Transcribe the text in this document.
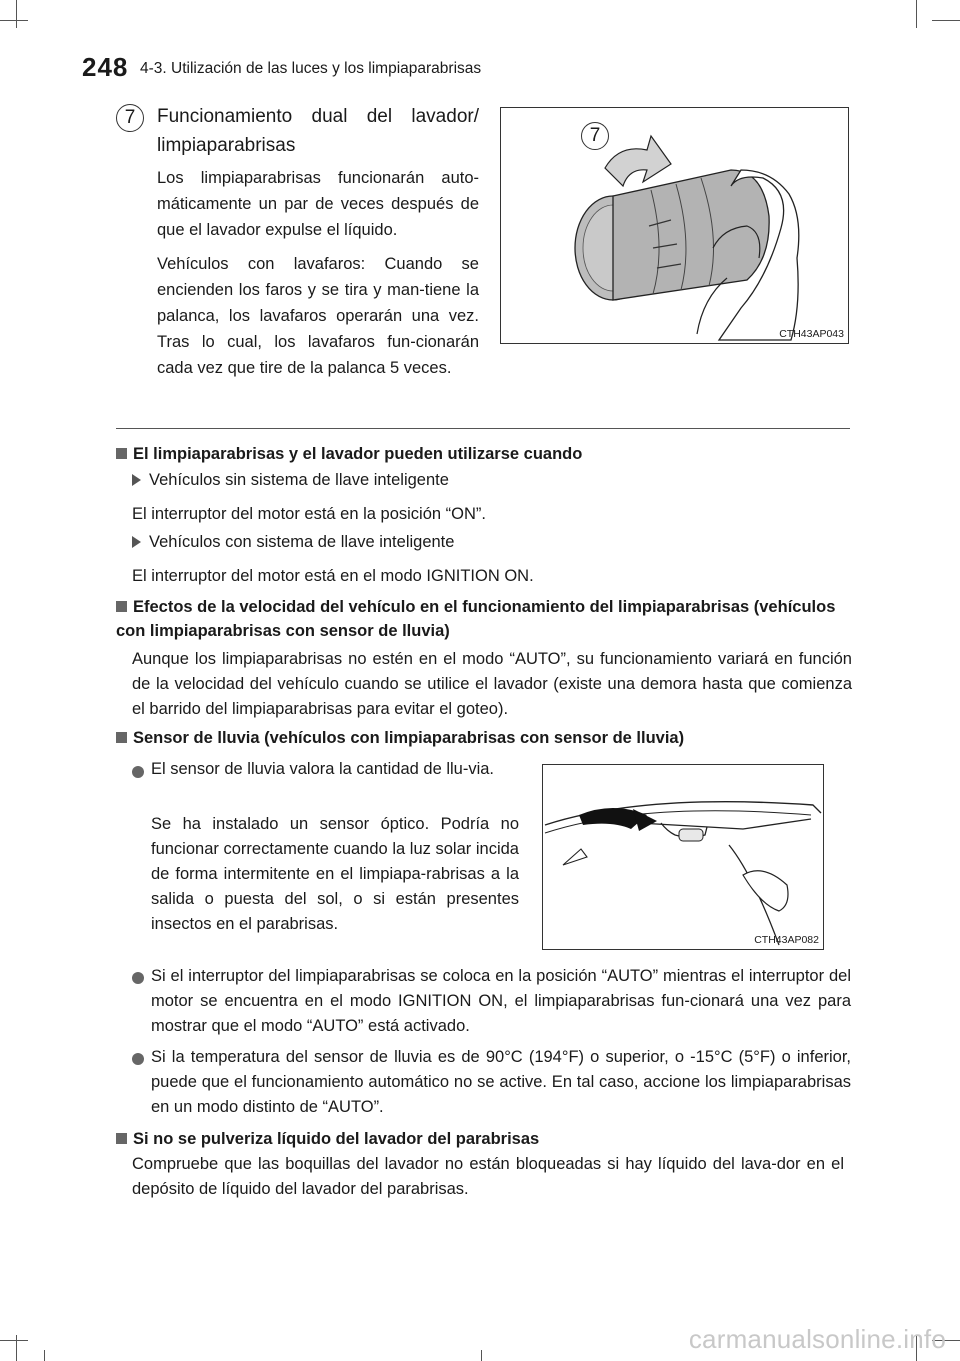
248 4-3. Utilización de las luces y los limpiaparabrisas
7	Funcionamiento dual del lavador/ limpiaparabrisas
Los limpiaparabrisas funcionarán auto-máticamente un par de veces después de que el lavador expulse el líquido.
Vehículos con lavafaros: Cuando se encienden los faros y se tira y man-tiene la palanca, los lavafaros operarán una vez. Tras lo cual, los lavafaros fun-cionarán cada vez que tire de la palanca 5 veces.
7
CTH43AP043
El limpiaparabrisas y el lavador pueden utilizarse cuando
Vehículos sin sistema de llave inteligente
El interruptor del motor está en la posición “ON”.
Vehículos con sistema de llave inteligente
El interruptor del motor está en el modo IGNITION ON.
Efectos de la velocidad del vehículo en el funcionamiento del limpiaparabrisas (vehículos con limpiaparabrisas con sensor de lluvia)
Aunque los limpiaparabrisas no estén en el modo “AUTO”, su funcionamiento variará en función de la velocidad del vehículo cuando se utilice el lavador (existe una demora hasta que comienza el barrido del limpiaparabrisas para evitar el goteo).
Sensor de lluvia (vehículos con limpiaparabrisas con sensor de lluvia)
El sensor de lluvia valora la cantidad de llu-via.
Se ha instalado un sensor óptico. Podría no funcionar correctamente cuando la luz solar incida de forma intermitente en el limpiapa-rabrisas a la salida o puesta del sol, o si están presentes insectos en el parabrisas.
CTH43AP082
Si el interruptor del limpiaparabrisas se coloca en la posición “AUTO” mientras el interruptor del motor se encuentra en el modo IGNITION ON, el limpiaparabrisas fun-cionará una vez para mostrar que el modo “AUTO” está activado.
Si la temperatura del sensor de lluvia es de 90°C (194°F) o superior, o -15°C (5°F) o inferior, puede que el funcionamiento automático no se active. En tal caso, accione los limpiaparabrisas en un modo distinto de “AUTO”.
Si no se pulveriza líquido del lavador del parabrisas
Compruebe que las boquillas del lavador no están bloqueadas si hay líquido del lava-dor en el depósito de líquido del lavador del parabrisas.
carmanualsonline.info
